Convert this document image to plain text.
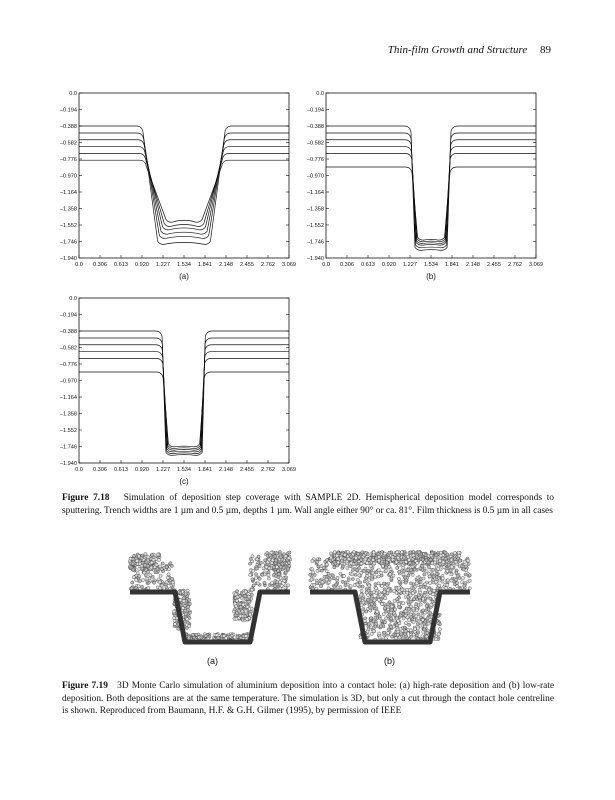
Thin-film Growth and Structure 89
0.0
–0.194
–0.388
–0.582
–0.776
–0.970
–1.164
–1.358
–1.552
–1.746
–1.940
0.0 0.306 0.613 0.920 1.227 1.534 1.841 2.148 2.455 2.762 3.069
(a)
0.0
–0.194
–0.388
–0.582
–0.776
–0.970
–1.164
–1.358
–1.552
–1.746
–1.940
0.0 0.306 0.613 0.920 1.227 1.534 1.841 2.148 2.455 2.762 3.069
(b)
0.0
–0.194
–0.388
–0.582
–0.776
–0.970
–1.164
–1.358
–1.552
–1.746
–1.940
0.0 0.306 0.613 0.920 1.227 1.534 1.841 2.148 2.455 2.762 3.069
(c)
Figure 7.18 Simulation of deposition step coverage with SAMPLE 2D. Hemispherical deposition model corresponds to sputtering. Trench widths are 1 µm and 0.5 µm, depths 1 µm. Wall angle either 90° or ca. 81°. Film thickness is 0.5 µm in all cases
(a)	(b)
Figure 7.19 3D Monte Carlo simulation of aluminium deposition into a contact hole: (a) high-rate deposition and (b) low-rate deposition. Both depositions are at the same temperature. The simulation is 3D, but only a cut through the contact hole centreline is shown. Reproduced from Baumann, H.F. & G.H. Gilmer (1995), by permission of IEEE
